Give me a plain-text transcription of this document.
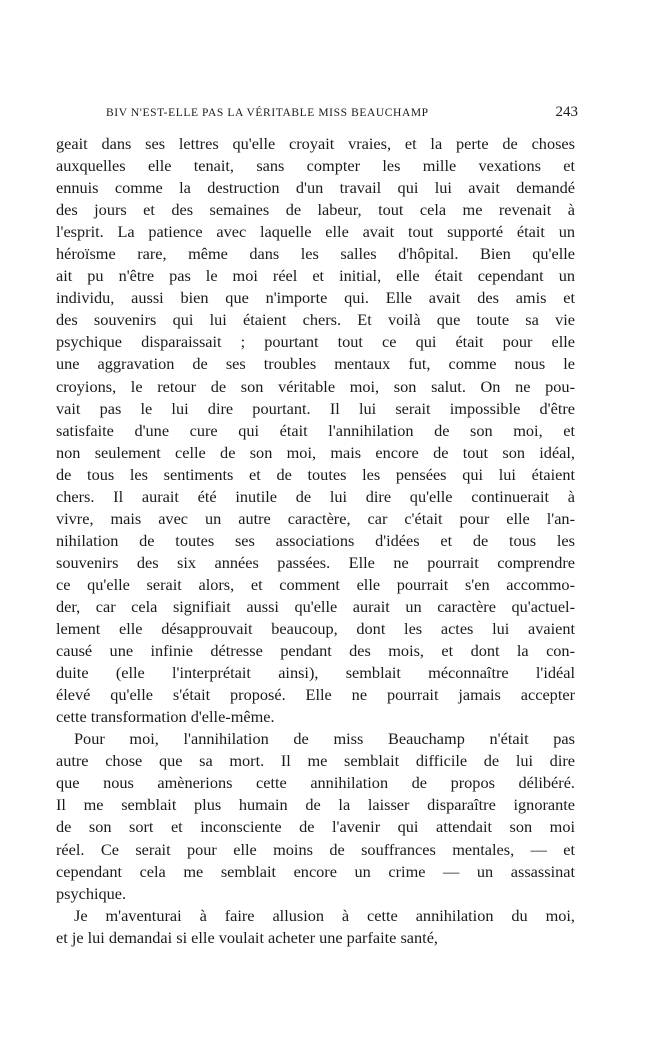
BIV N'EST-ELLE PAS LA VÉRITABLE MISS BEAUCHAMP	243
geait dans ses lettres qu'elle croyait vraies, et la perte de choses
auxquelles elle tenait, sans compter les mille vexations et
ennuis comme la destruction d'un travail qui lui avait demandé
des jours et des semaines de labeur, tout cela me revenait à
l'esprit. La patience avec laquelle elle avait tout supporté était un
héroïsme rare, même dans les salles d'hôpital. Bien qu'elle
ait pu n'être pas le moi réel et initial, elle était cependant un
individu, aussi bien que n'importe qui. Elle avait des amis et
des souvenirs qui lui étaient chers. Et voilà que toute sa vie
psychique disparaissait ; pourtant tout ce qui était pour elle
une aggravation de ses troubles mentaux fut, comme nous le
croyions, le retour de son véritable moi, son salut. On ne pou-
vait pas le lui dire pourtant. Il lui serait impossible d'être
satisfaite d'une cure qui était l'annihilation de son moi, et
non seulement celle de son moi, mais encore de tout son idéal,
de tous les sentiments et de toutes les pensées qui lui étaient
chers. Il aurait été inutile de lui dire qu'elle continuerait à
vivre, mais avec un autre caractère, car c'était pour elle l'an-
nihilation de toutes ses associations d'idées et de tous les
souvenirs des six années passées. Elle ne pourrait comprendre
ce qu'elle serait alors, et comment elle pourrait s'en accommo-
der, car cela signifiait aussi qu'elle aurait un caractère qu'actuel-
lement elle désapprouvait beaucoup, dont les actes lui avaient
causé une infinie détresse pendant des mois, et dont la con-
duite (elle l'interprétait ainsi), semblait méconnaître l'idéal
élevé qu'elle s'était proposé. Elle ne pourrait jamais accepter
cette transformation d'elle-même.
Pour moi, l'annihilation de miss Beauchamp n'était pas
autre chose que sa mort. Il me semblait difficile de lui dire
que nous amènerions cette annihilation de propos délibéré.
Il me semblait plus humain de la laisser disparaître ignorante
de son sort et inconsciente de l'avenir qui attendait son moi
réel. Ce serait pour elle moins de souffrances mentales, — et
cependant cela me semblait encore un crime — un assassinat
psychique.
Je m'aventurai à faire allusion à cette annihilation du moi,
et je lui demandai si elle voulait acheter une parfaite santé,
